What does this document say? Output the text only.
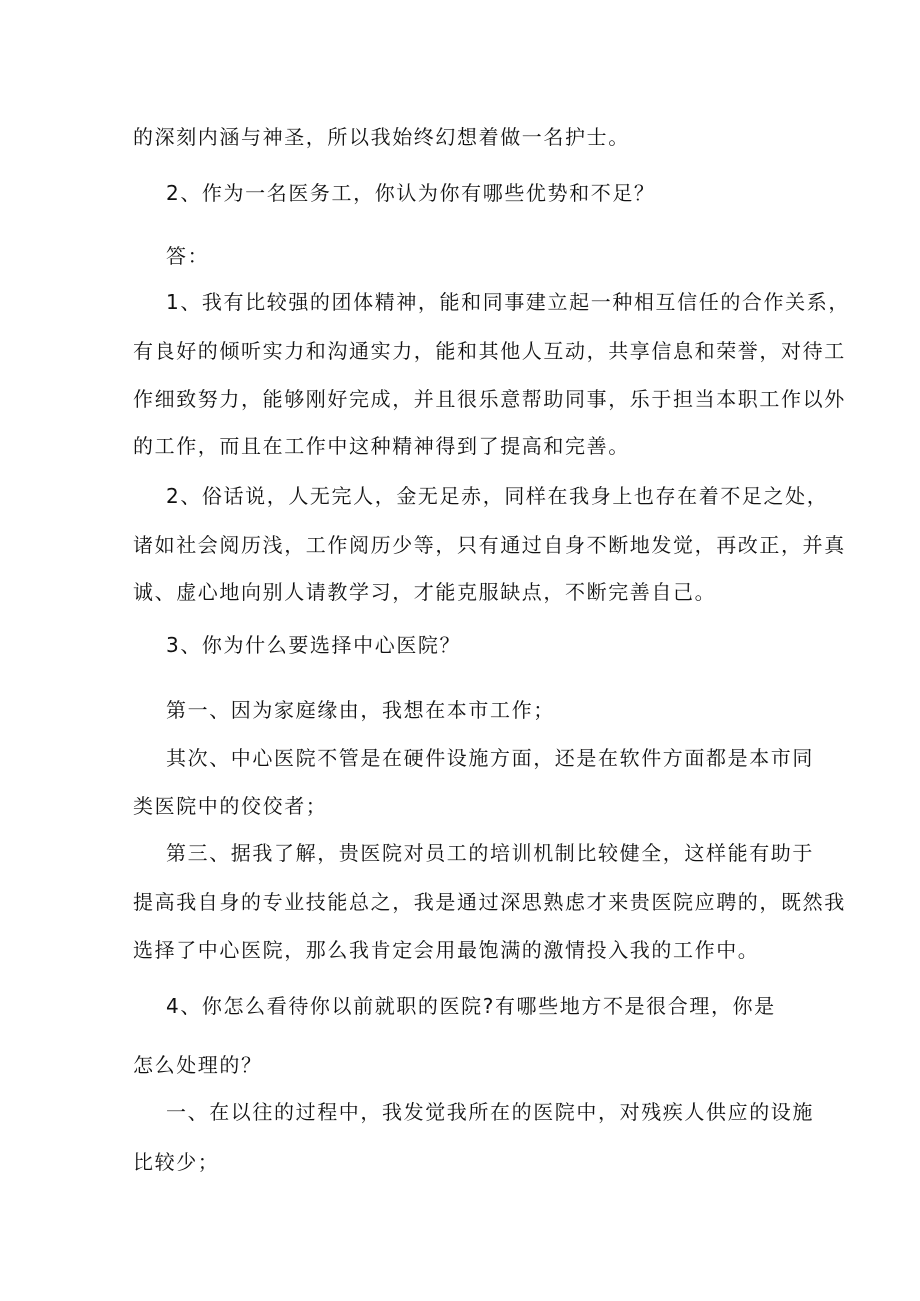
的深刻内涵与神圣，所以我始终幻想着做一名护士。
2、作为一名医务工，你认为你有哪些优势和不足？
答：
1、我有比较强的团体精神，能和同事建立起一种相互信任的合作关系，
有良好的倾听实力和沟通实力，能和其他人互动，共享信息和荣誉，对待工
作细致努力，能够刚好完成，并且很乐意帮助同事，乐于担当本职工作以外
的工作，而且在工作中这种精神得到了提高和完善。
2、俗话说，人无完人，金无足赤，同样在我身上也存在着不足之处，
诸如社会阅历浅，工作阅历少等，只有通过自身不断地发觉，再改正，并真
诚、虚心地向别人请教学习，才能克服缺点，不断完善自己。
3、你为什么要选择中心医院？
第一、因为家庭缘由，我想在本市工作；
其次、中心医院不管是在硬件设施方面，还是在软件方面都是本市同
类医院中的佼佼者；
第三、据我了解，贵医院对员工的培训机制比较健全，这样能有助于
提高我自身的专业技能总之，我是通过深思熟虑才来贵医院应聘的，既然我
选择了中心医院，那么我肯定会用最饱满的激情投入我的工作中。
4、你怎么看待你以前就职的医院?有哪些地方不是很合理，你是
怎么处理的？
一、在以往的过程中，我发觉我所在的医院中，对残疾人供应的设施
比较少；
